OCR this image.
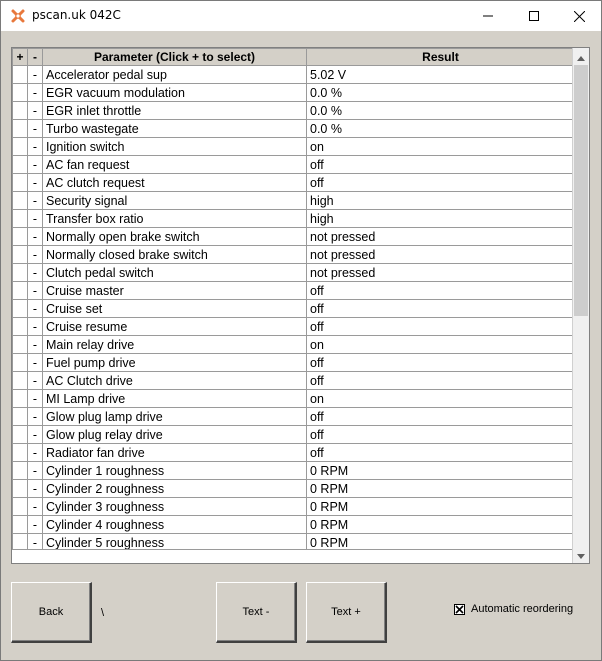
pscan.uk 042C
+	-	Parameter (Click + to select)	Result
	-	Accelerator pedal sup	5.02 V
	-	EGR vacuum modulation	0.0 %
	-	EGR inlet throttle	0.0 %
	-	Turbo wastegate	0.0 %
	-	Ignition switch	on
	-	AC fan request	off
	-	AC clutch request	off
	-	Security signal	high
	-	Transfer box ratio	high
	-	Normally open brake switch	not pressed
	-	Normally closed brake switch	not pressed
	-	Clutch pedal switch	not pressed
	-	Cruise master	off
	-	Cruise set	off
	-	Cruise resume	off
	-	Main relay drive	on
	-	Fuel pump drive	off
	-	AC Clutch drive	off
	-	MI Lamp drive	on
	-	Glow plug lamp drive	off
	-	Glow plug relay drive	off
	-	Radiator fan drive	off
	-	Cylinder 1 roughness	0 RPM
	-	Cylinder 2 roughness	0 RPM
	-	Cylinder 3 roughness	0 RPM
	-	Cylinder 4 roughness	0 RPM
	-	Cylinder 5 roughness	0 RPM
Back	\	Text -	Text +	Automatic reordering
